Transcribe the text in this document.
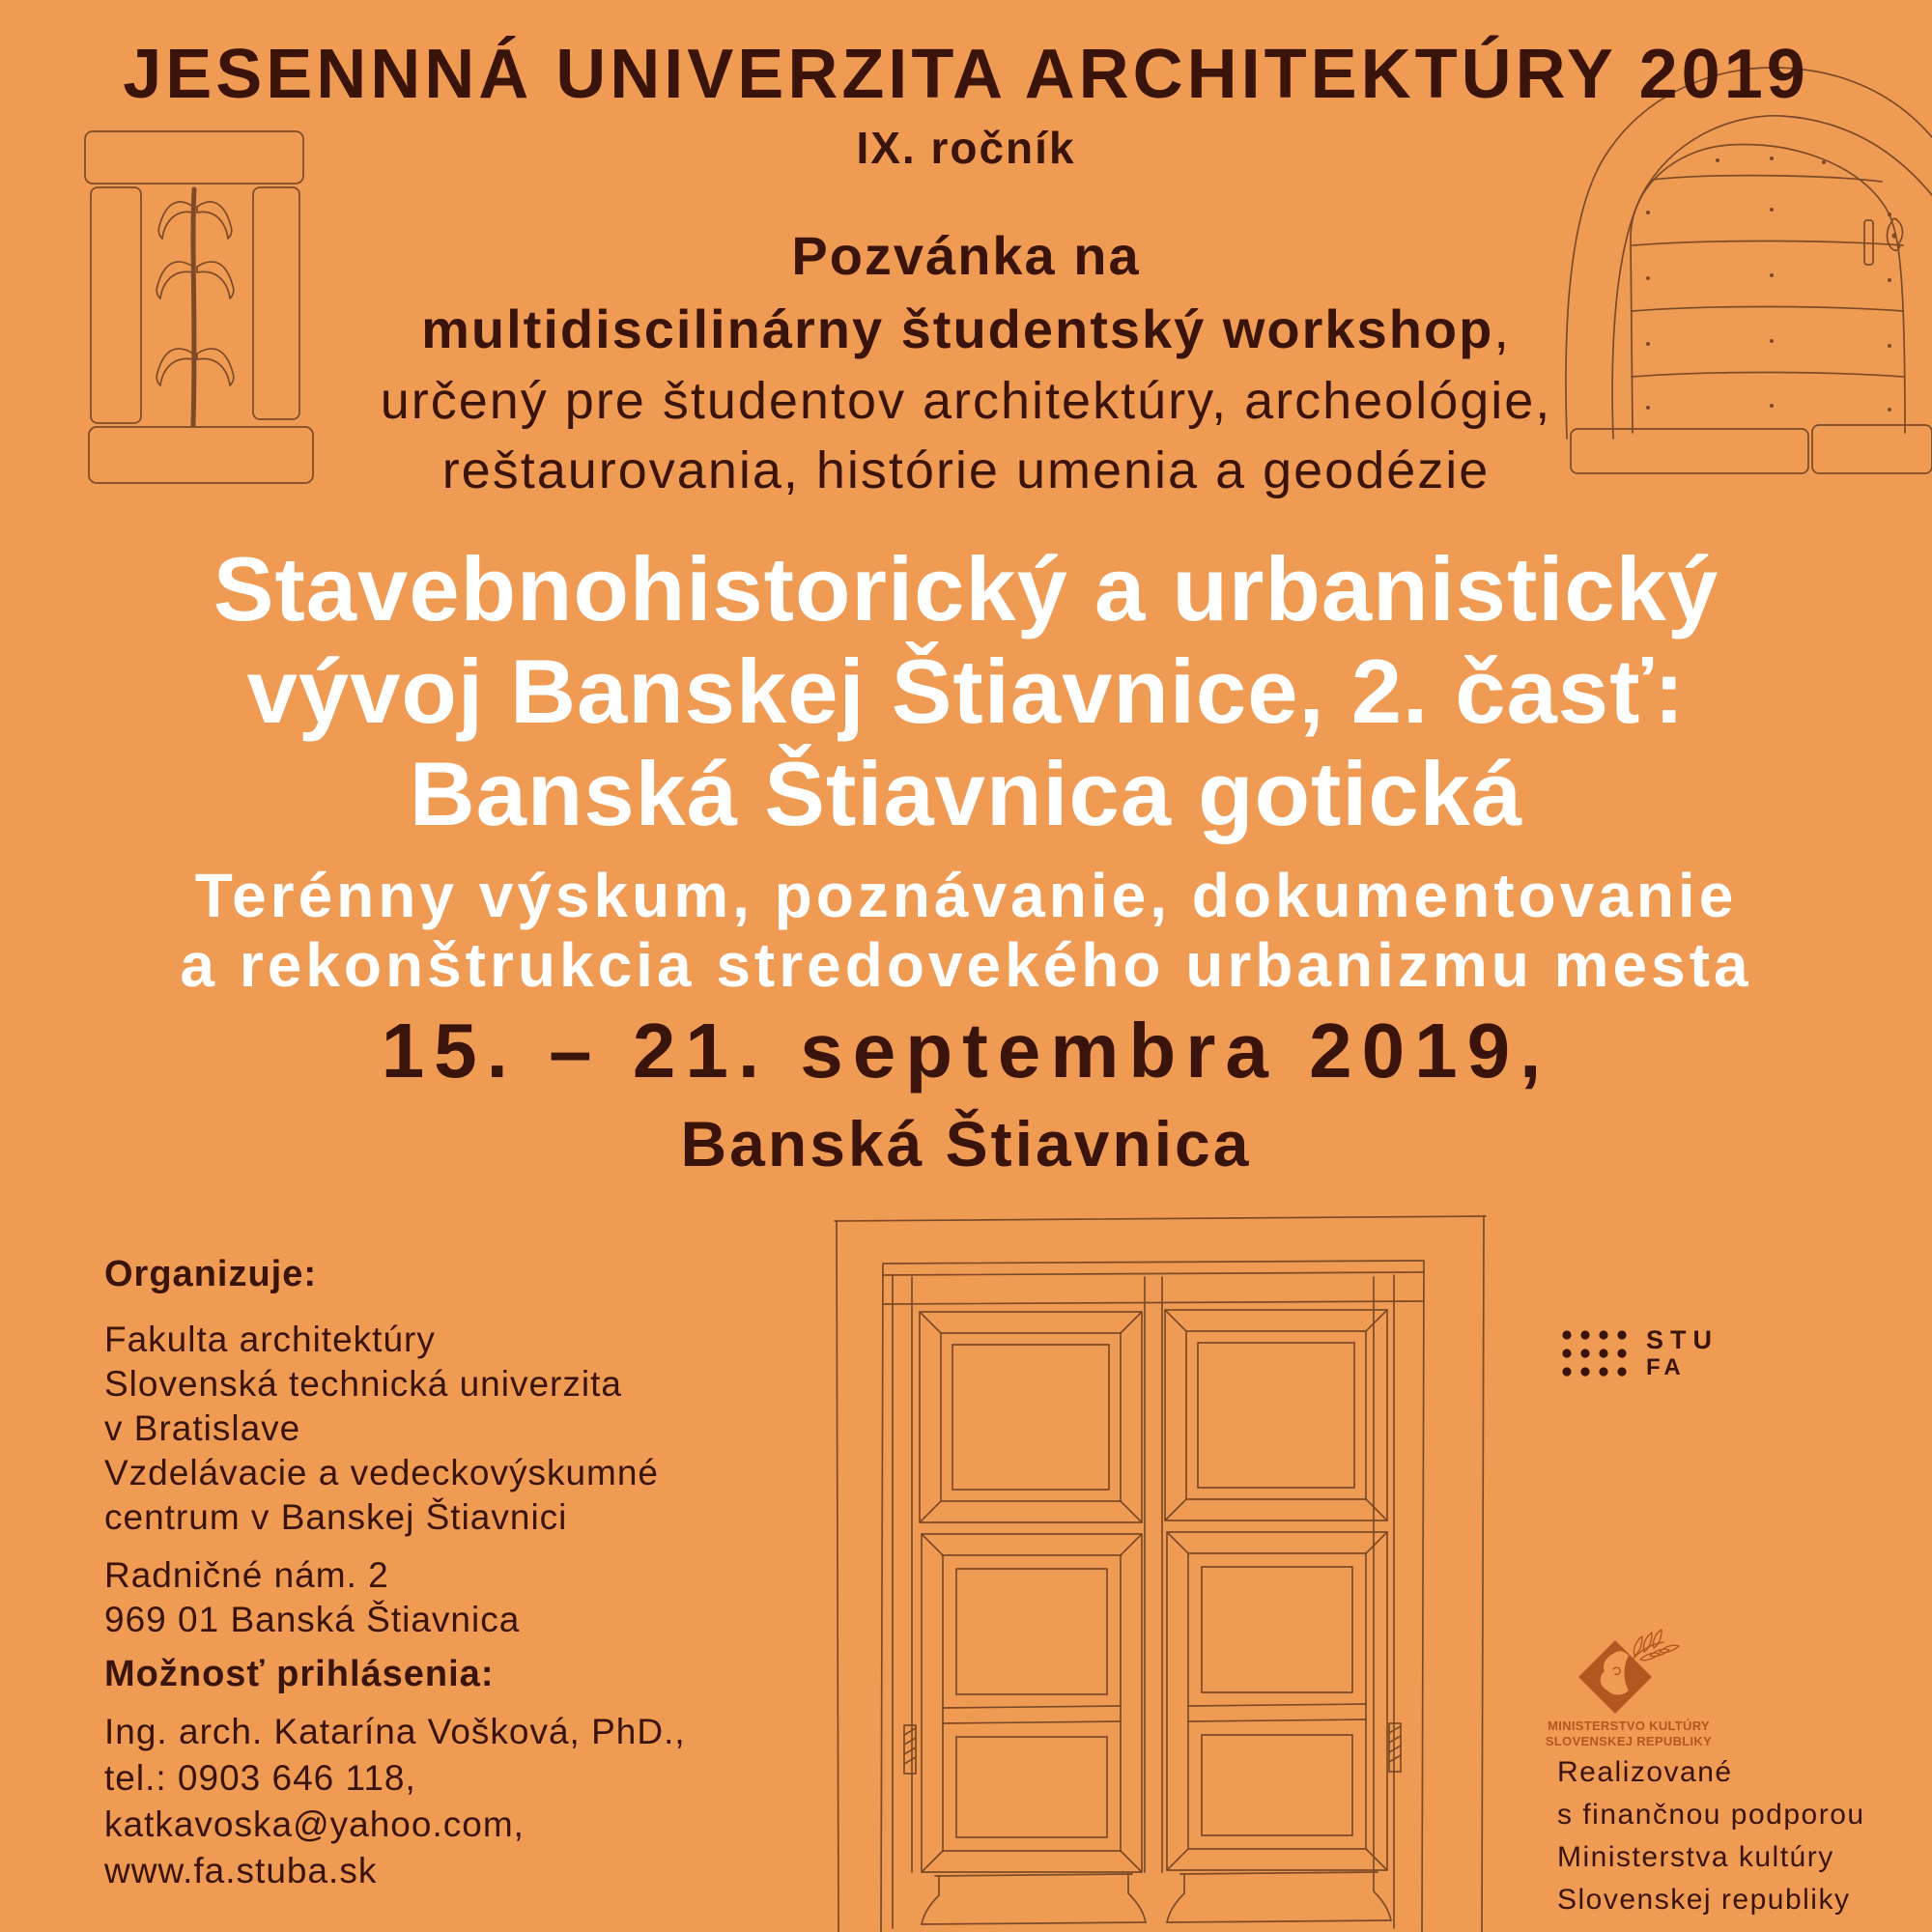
JESENNNÁ UNIVERZITA ARCHITEKTÚRY 2019
IX. ročník
Pozvánka na
multidiscilinárny študentský workshop,
určený pre študentov architektúry, archeológie,
reštaurovania, histórie umenia a geodézie
Stavebnohistorický a urbanistický
vývoj Banskej Štiavnice, 2. časť:
Banská Štiavnica gotická
Terénny výskum, poznávanie, dokumentovanie
a rekonštrukcia stredovekého urbanizmu mesta
15. – 21. septembra 2019,
Banská Štiavnica
Organizuje:
Fakulta architektúry
Slovenská technická univerzita
v Bratislave
Vzdelávacie a vedeckovýskumné
centrum v Banskej Štiavnici
Radničné nám. 2
969 01 Banská Štiavnica
Možnosť prihlásenia:
Ing. arch. Katarína Vošková, PhD.,
tel.: 0903 646 118,
katkavoska@yahoo.com,
www.fa.stuba.sk
STU
FA
MINISTERSTVO KULTÚRY
SLOVENSKEJ REPUBLIKY
Realizované
s finančnou podporou
Ministerstva kultúry
Slovenskej republiky
